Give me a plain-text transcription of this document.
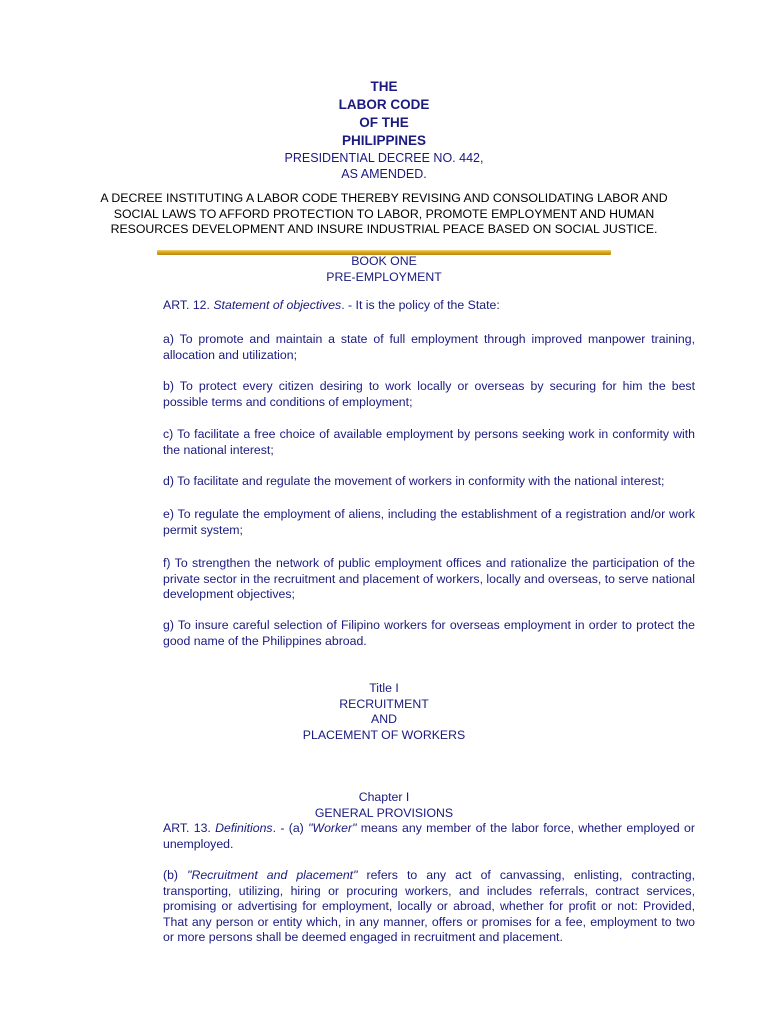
THE
LABOR CODE
OF THE
PHILIPPINES
PRESIDENTIAL DECREE NO. 442,
AS AMENDED.
A DECREE INSTITUTING A LABOR CODE THEREBY REVISING AND CONSOLIDATING LABOR AND SOCIAL LAWS TO AFFORD PROTECTION TO LABOR, PROMOTE EMPLOYMENT AND HUMAN RESOURCES DEVELOPMENT AND INSURE INDUSTRIAL PEACE BASED ON SOCIAL JUSTICE.
BOOK ONE
PRE-EMPLOYMENT
ART. 12. Statement of objectives. - It is the policy of the State:
a) To promote and maintain a state of full employment through improved manpower training, allocation and utilization;
b) To protect every citizen desiring to work locally or overseas by securing for him the best possible terms and conditions of employment;
c) To facilitate a free choice of available employment by persons seeking work in conformity with the national interest;
d) To facilitate and regulate the movement of workers in conformity with the national interest;
e) To regulate the employment of aliens, including the establishment of a registration and/or work permit system;
f) To strengthen the network of public employment offices and rationalize the participation of the private sector in the recruitment and placement of workers, locally and overseas, to serve national development objectives;
g) To insure careful selection of Filipino workers for overseas employment in order to protect the good name of the Philippines abroad.
Title I
RECRUITMENT
AND
PLACEMENT OF WORKERS
Chapter I
GENERAL PROVISIONS
ART. 13. Definitions. - (a) "Worker" means any member of the labor force, whether employed or unemployed.
(b) "Recruitment and placement" refers to any act of canvassing, enlisting, contracting, transporting, utilizing, hiring or procuring workers, and includes referrals, contract services, promising or advertising for employment, locally or abroad, whether for profit or not: Provided, That any person or entity which, in any manner, offers or promises for a fee, employment to two or more persons shall be deemed engaged in recruitment and placement.
